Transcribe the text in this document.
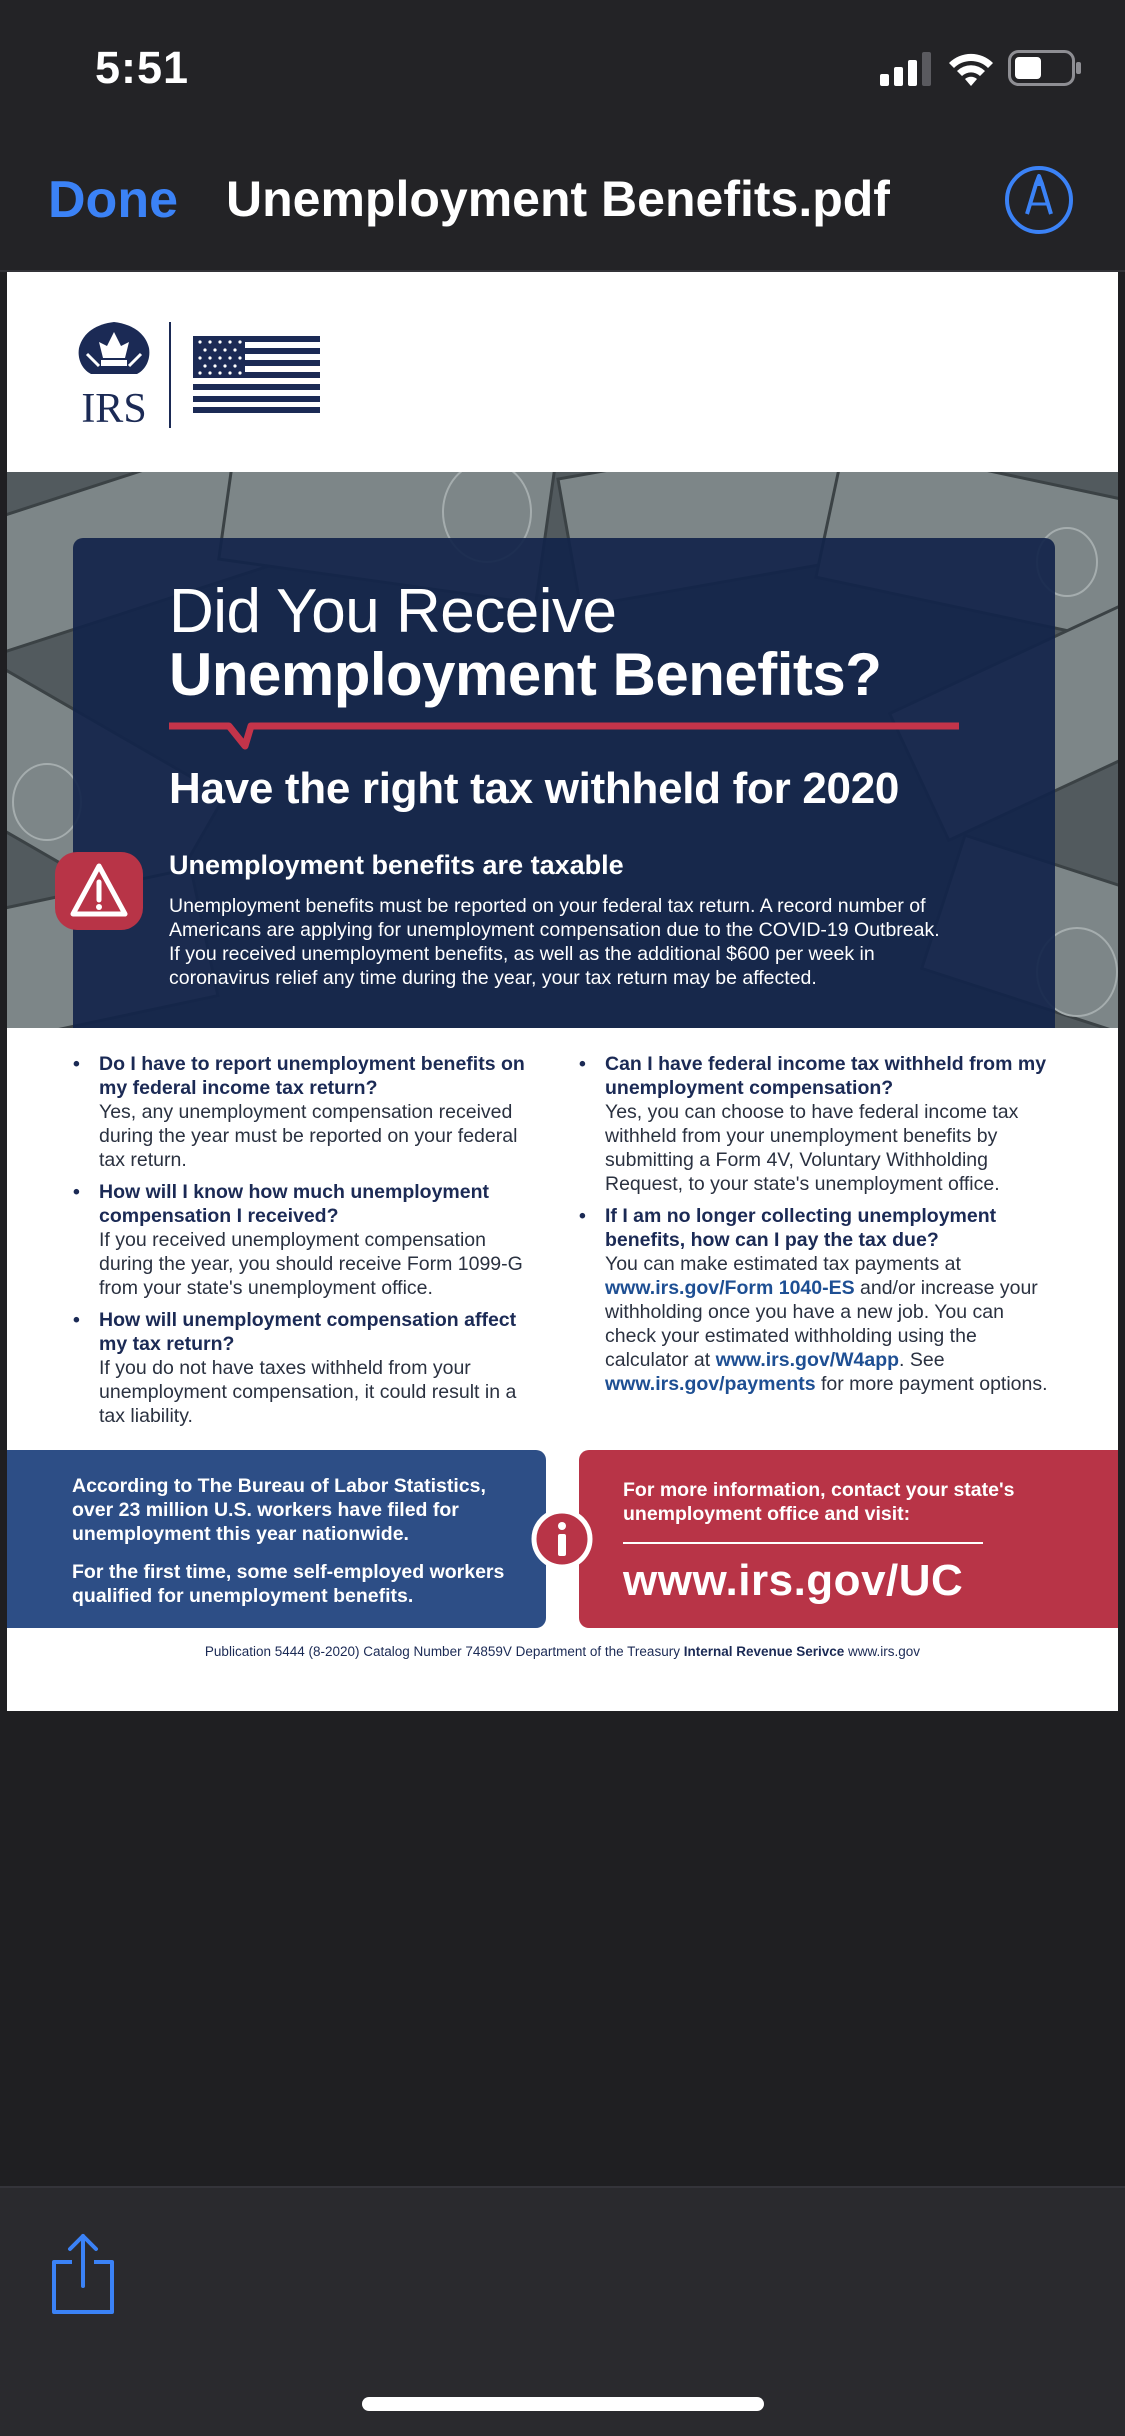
5:51
Done Unemployment Benefits.pdf
IRS
Did You Receive
Unemployment Benefits?
Have the right tax withheld for 2020
Unemployment benefits are taxable
Unemployment benefits must be reported on your federal tax return. A record number of Americans are applying for unemployment compensation due to the COVID-19 Outbreak. If you received unemployment benefits, as well as the additional $600 per week in coronavirus relief any time during the year, your tax return may be affected.
• Do I have to report unemployment benefits on my federal income tax return?
Yes, any unemployment compensation received during the year must be reported on your federal tax return.
• How will I know how much unemployment compensation I received?
If you received unemployment compensation during the year, you should receive Form 1099-G from your state's unemployment office.
• How will unemployment compensation affect my tax return?
If you do not have taxes withheld from your unemployment compensation, it could result in a tax liability.
• Can I have federal income tax withheld from my unemployment compensation?
Yes, you can choose to have federal income tax withheld from your unemployment benefits by submitting a Form 4V, Voluntary Withholding Request, to your state's unemployment office.
• If I am no longer collecting unemployment benefits, how can I pay the tax due?
You can make estimated tax payments at www.irs.gov/Form 1040-ES and/or increase your withholding once you have a new job. You can check your estimated withholding using the calculator at www.irs.gov/W4app. See www.irs.gov/payments for more payment options.
According to The Bureau of Labor Statistics, over 23 million U.S. workers have filed for unemployment this year nationwide.
For the first time, some self-employed workers qualified for unemployment benefits.
For more information, contact your state's unemployment office and visit:
www.irs.gov/UC
Publication 5444 (8-2020) Catalog Number 74859V Department of the Treasury Internal Revenue Serivce www.irs.gov
